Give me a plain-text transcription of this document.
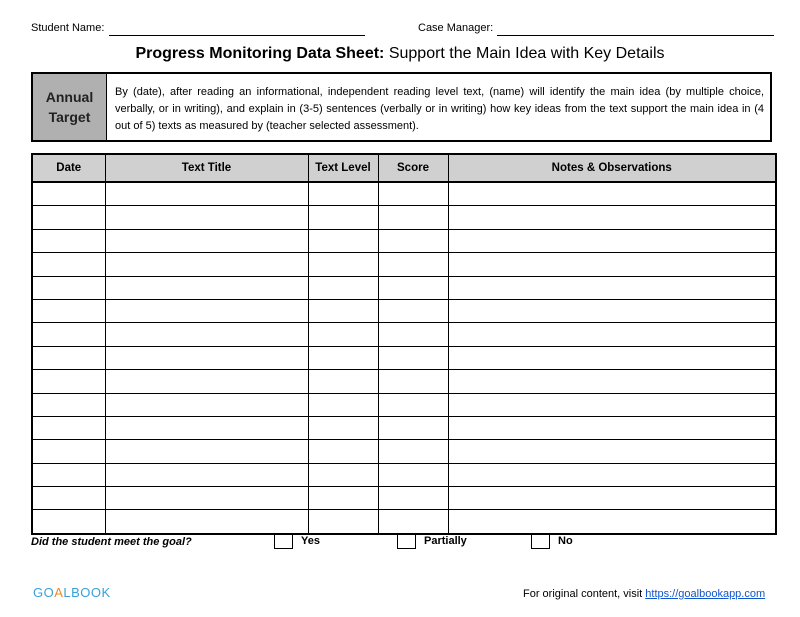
Student Name:	Case Manager:
Progress Monitoring Data Sheet: Support the Main Idea with Key Details
Annual
Target
By (date), after reading an informational, independent reading level text, (name) will identify the main idea (by multiple choice, verbally, or in writing), and explain in (3-5) sentences (verbally or in writing) how key ideas from the text support the main idea in (4 out of 5) texts as measured by (teacher selected assessment).
Date	Text Title	Text Level	Score	Notes & Observations

Did the student meet the goal?	Yes	Partially	No
GOALBOOK	For original content, visit https://goalbookapp.com
